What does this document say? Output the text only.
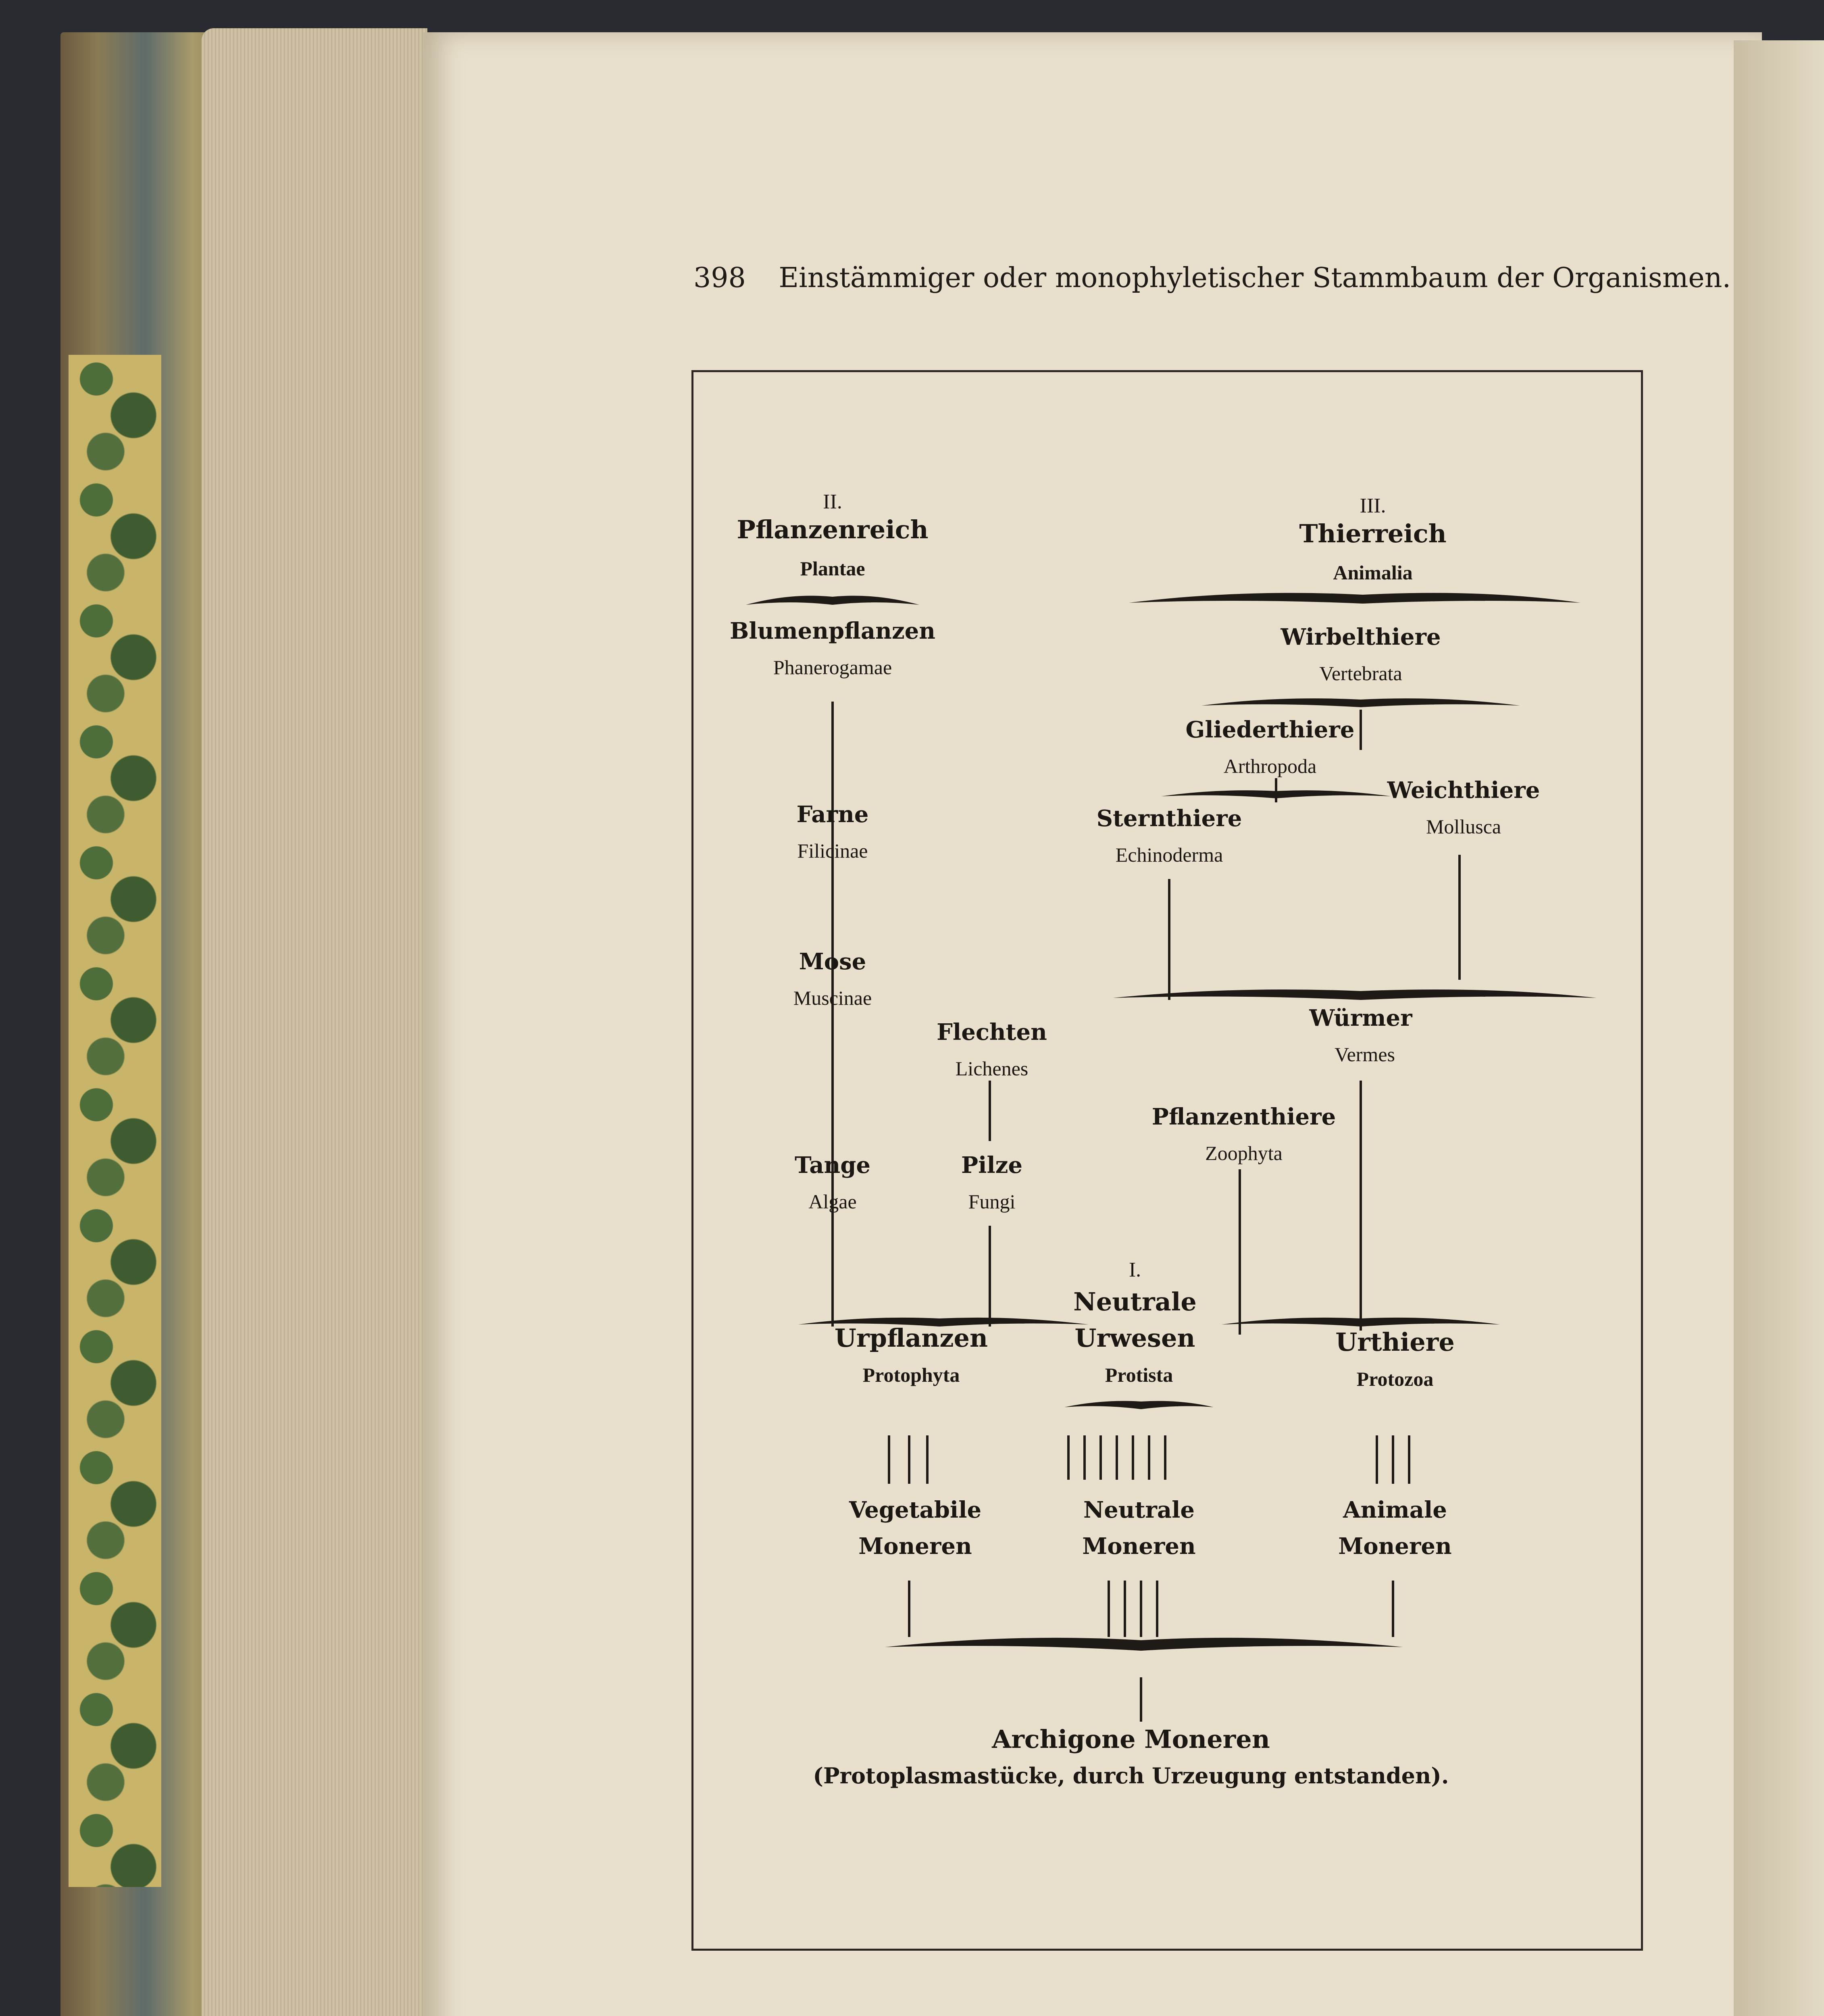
398 Einstämmiger oder monophyletischer Stammbaum der Organismen.
II.
Pflanzenreich
Plantae
Blumenpflanzen
Phanerogamae
Farne
Filicinae
Mose
Muscinae
Flechten
Lichenes
Tange
Algae
Pilze
Fungi
III.
Thierreich
Animalia
Wirbelthiere
Vertebrata
Gliederthiere
Arthropoda
Weichthiere
Mollusca
Sternthiere
Echinoderma
Würmer
Vermes
Pflanzenthiere
Zoophyta
I.
Neutrale
Urwesen
Protista
Urpflanzen
Protophyta
Urthiere
Protozoa
Vegetabile
Moneren
Neutrale
Moneren
Animale
Moneren
Archigone Moneren
(Protoplasmastücke, durch Urzeugung entstanden).
